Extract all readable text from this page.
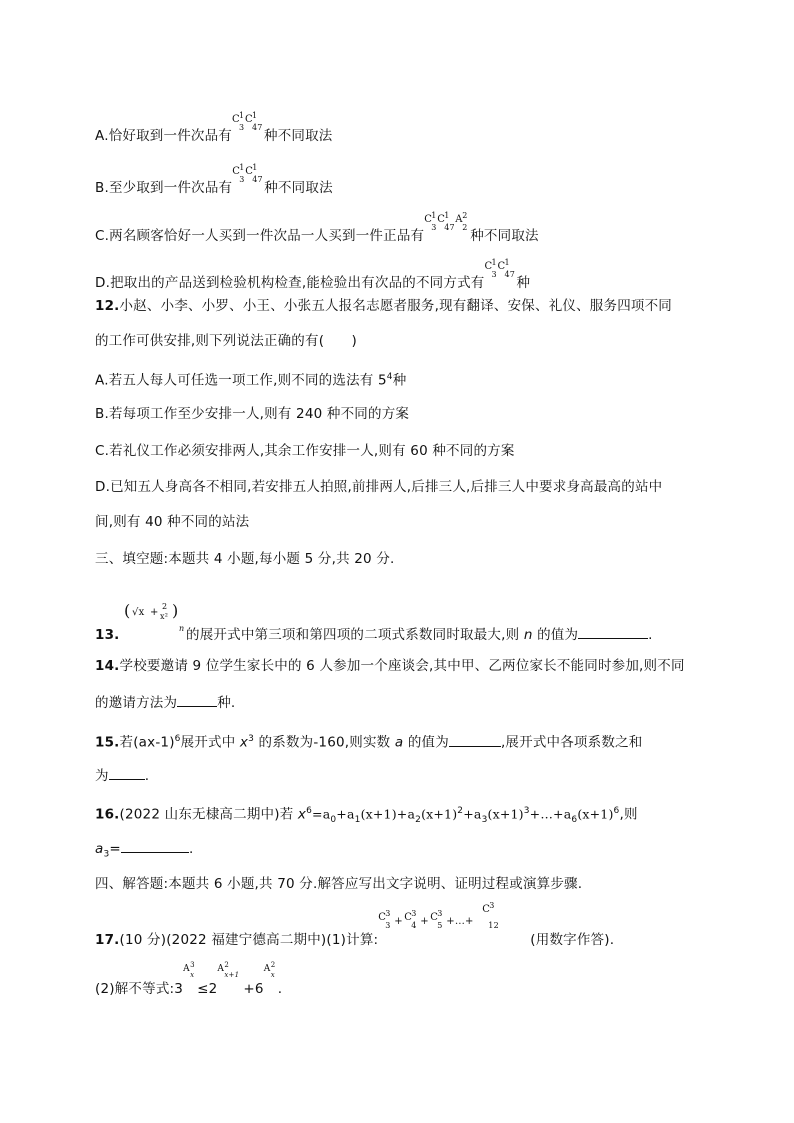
A.恰好取到一件次品有
C 1
3
C 1
47
种不同取法
B.至少取到一件次品有
C 1
3
C 1
47
种不同取法
C.两名顾客恰好一人买到一件次品一人买到一件正品有
C 1
3
C 1
47
A 2
2
种不同取法
D.把取出的产品送到检验机构检查,能检验出有次品的不同方式有
C 1
3
C 1
47
种
12.小赵、小李、小罗、小王、小张五人报名志愿者服务,现有翻译、安保、礼仪、服务四项不同
的工作可供安排,则下列说法正确的有(　　)
A.若五人每人可任选一项工作,则不同的选法有 $5^4$种
B.若每项工作至少安排一人,则有 240 种不同的方案
C.若礼仪工作必须安排两人,其余工作安排一人,则有 60 种不同的方案
D.已知五人身高各不相同,若安排五人拍照,前排两人,后排三人,后排三人中要求身高最高的站中
间,则有 40 种不同的站法
三、填空题:本题共 4 小题,每小题 5 分,共 20 分.
13.
( √x +
2
x² )
n 的展开式中第三项和第四项的二项式系数同时取最大,则 n 的值为	.
14.学校要邀请 9 位学生家长中的 6 人参加一个座谈会,其中甲、乙两位家长不能同时参加,则不同
的邀请方法为	种.
15.若$(ax-1)^6$展开式中 $x^3$ 的系数为-160,则实数 a 的值为	,展开式中各项系数之和
为	.
16.(2022 山东无棣高二期中)若 $x^6=a_0+a_1(x+1)+a_2(x+1)^2+a_3(x+1)^3+\dots+a_6(x+1)^6$,则
$a_3=$	.
四、解答题:本题共 6 小题,共 70 分.解答应写出文字说明、证明过程或演算步骤.
17.(10 分)(2022 福建宁德高二期中)(1)计算:
C 3
3 + C 3
4 + C 3
5 +…+
C 3
12
(用数字作答).
(2)解不等式:3
A 3
x
≤2
A 2
x+1
+6
A 2
x
.
